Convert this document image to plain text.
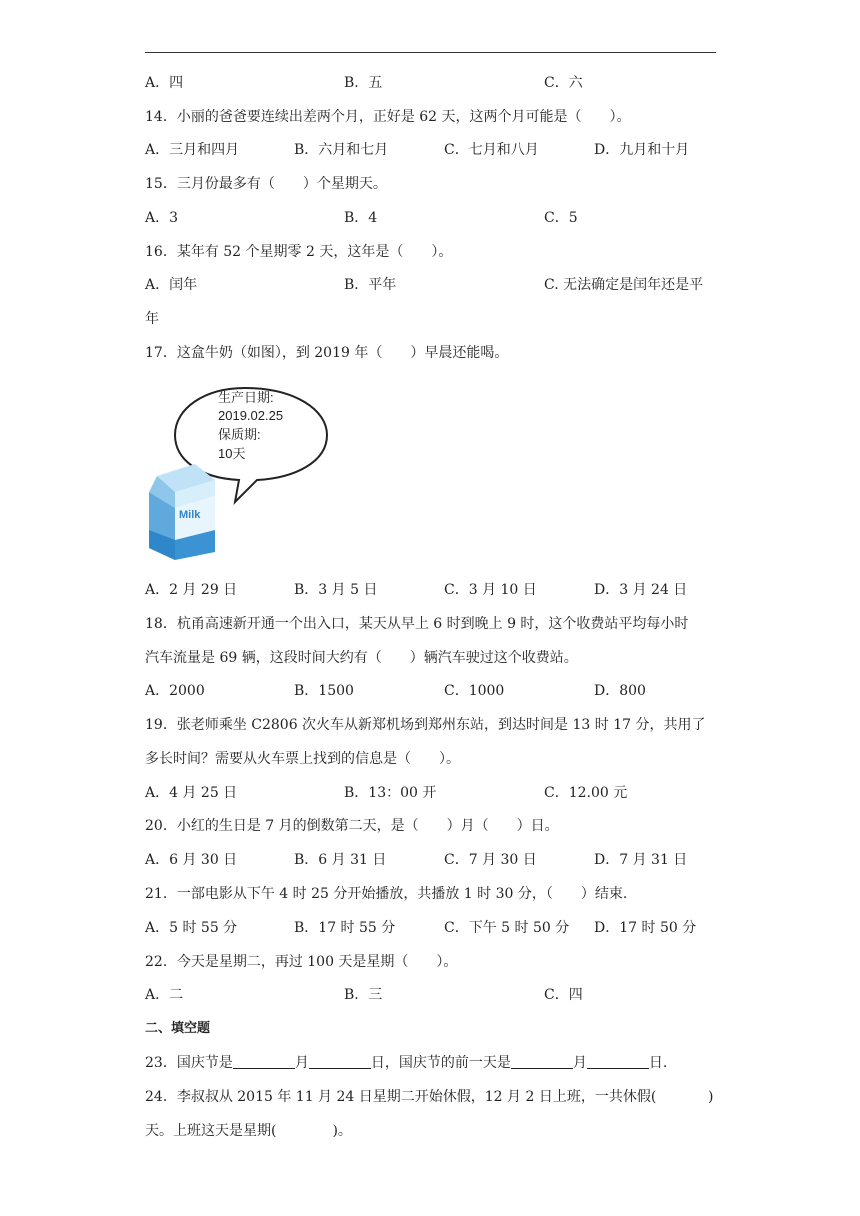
A．四	B．五	C．六
14．小丽的爸爸要连续出差两个月，正好是 62 天，这两个月可能是（　　）。
A．三月和四月	B．六月和七月	C．七月和八月	D．九月和十月
15．三月份最多有（　　）个星期天。
A．3	B．4	C．5
16．某年有 52 个星期零 2 天，这年是（　　）。
A．闰年	B．平年	C. 无法确定是闰年还是平
年
17．这盒牛奶（如图），到 2019 年（　　）早晨还能喝。
生产日期:
2019.02.25
保质期:
10天
Milk
A．2 月 29 日	B．3 月 5 日	C．3 月 10 日	D．3 月 24 日
18．杭甬高速新开通一个出入口，某天从早上 6 时到晚上 9 时，这个收费站平均每小时
汽车流量是 69 辆，这段时间大约有（　　）辆汽车驶过这个收费站。
A．2000	B．1500	C．1000	D．800
19．张老师乘坐 C2806 次火车从新郑机场到郑州东站，到达时间是 13 时 17 分，共用了
多长时间？需要从火车票上找到的信息是（　　）。
A．4 月 25 日	B．13：00 开	C．12.00 元
20．小红的生日是 7 月的倒数第二天，是（　　）月（　　）日。
A．6 月 30 日	B．6 月 31 日	C．7 月 30 日	D．7 月 31 日
21．一部电影从下午 4 时 25 分开始播放，共播放 1 时 30 分，（　　）结束.
A．5 时 55 分	B．17 时 55 分	C．下午 5 时 50 分 D．17 时 50 分
22．今天是星期二，再过 100 天是星期（　　）。
A．二	B．三	C．四
二、填空题
23．国庆节是	月	日，国庆节的前一天是	月	日.
24．李叔叔从 2015 年 11 月 24 日星期二开始休假，12 月 2 日上班，一共休假(	)
天。上班这天是星期(　　　　)。
